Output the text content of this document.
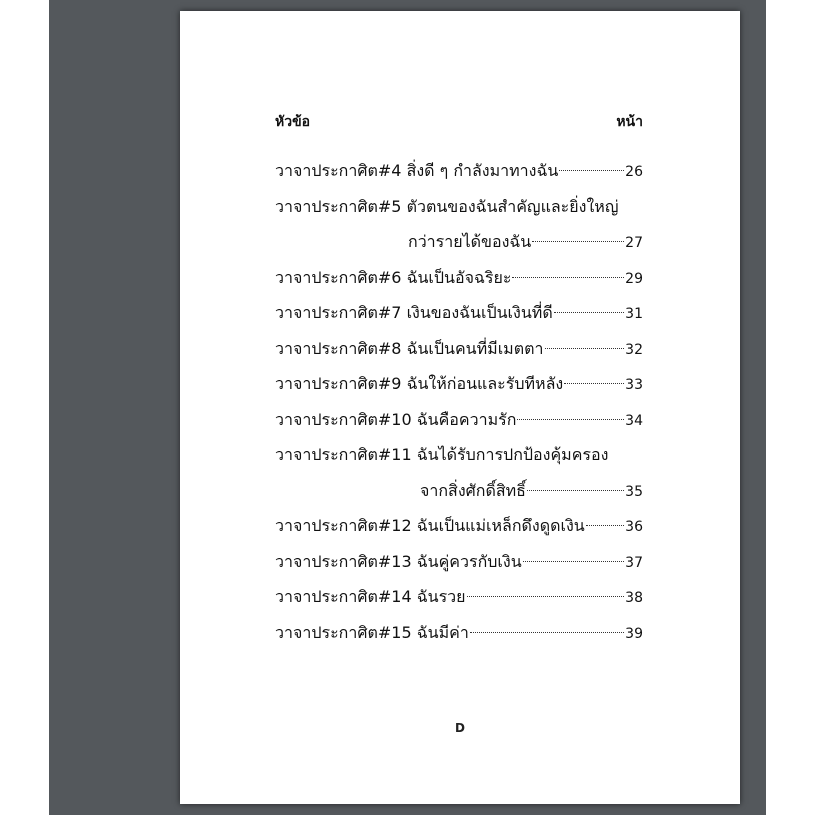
หัวข้อ	หน้า
วาจาประกาศิต#4 สิ่งดี ๆ กำลังมาทางฉัน	26
วาจาประกาศิต#5 ตัวตนของฉันสำคัญและยิ่งใหญ่
กว่ารายได้ของฉัน	27
วาจาประกาศิต#6 ฉันเป็นอัจฉริยะ	29
วาจาประกาศิต#7 เงินของฉันเป็นเงินที่ดี	31
วาจาประกาศิต#8 ฉันเป็นคนที่มีเมตตา	32
วาจาประกาศิต#9 ฉันให้ก่อนและรับทีหลัง	33
วาจาประกาศิต#10 ฉันคือความรัก	34
วาจาประกาศิต#11 ฉันได้รับการปกป้องคุ้มครอง
จากสิ่งศักดิ์สิทธิ์	35
วาจาประกาศิต#12 ฉันเป็นแม่เหล็กดึงดูดเงิน	36
วาจาประกาศิต#13 ฉันคู่ควรกับเงิน	37
วาจาประกาศิต#14 ฉันรวย	38
วาจาประกาศิต#15 ฉันมีค่า	39
D
